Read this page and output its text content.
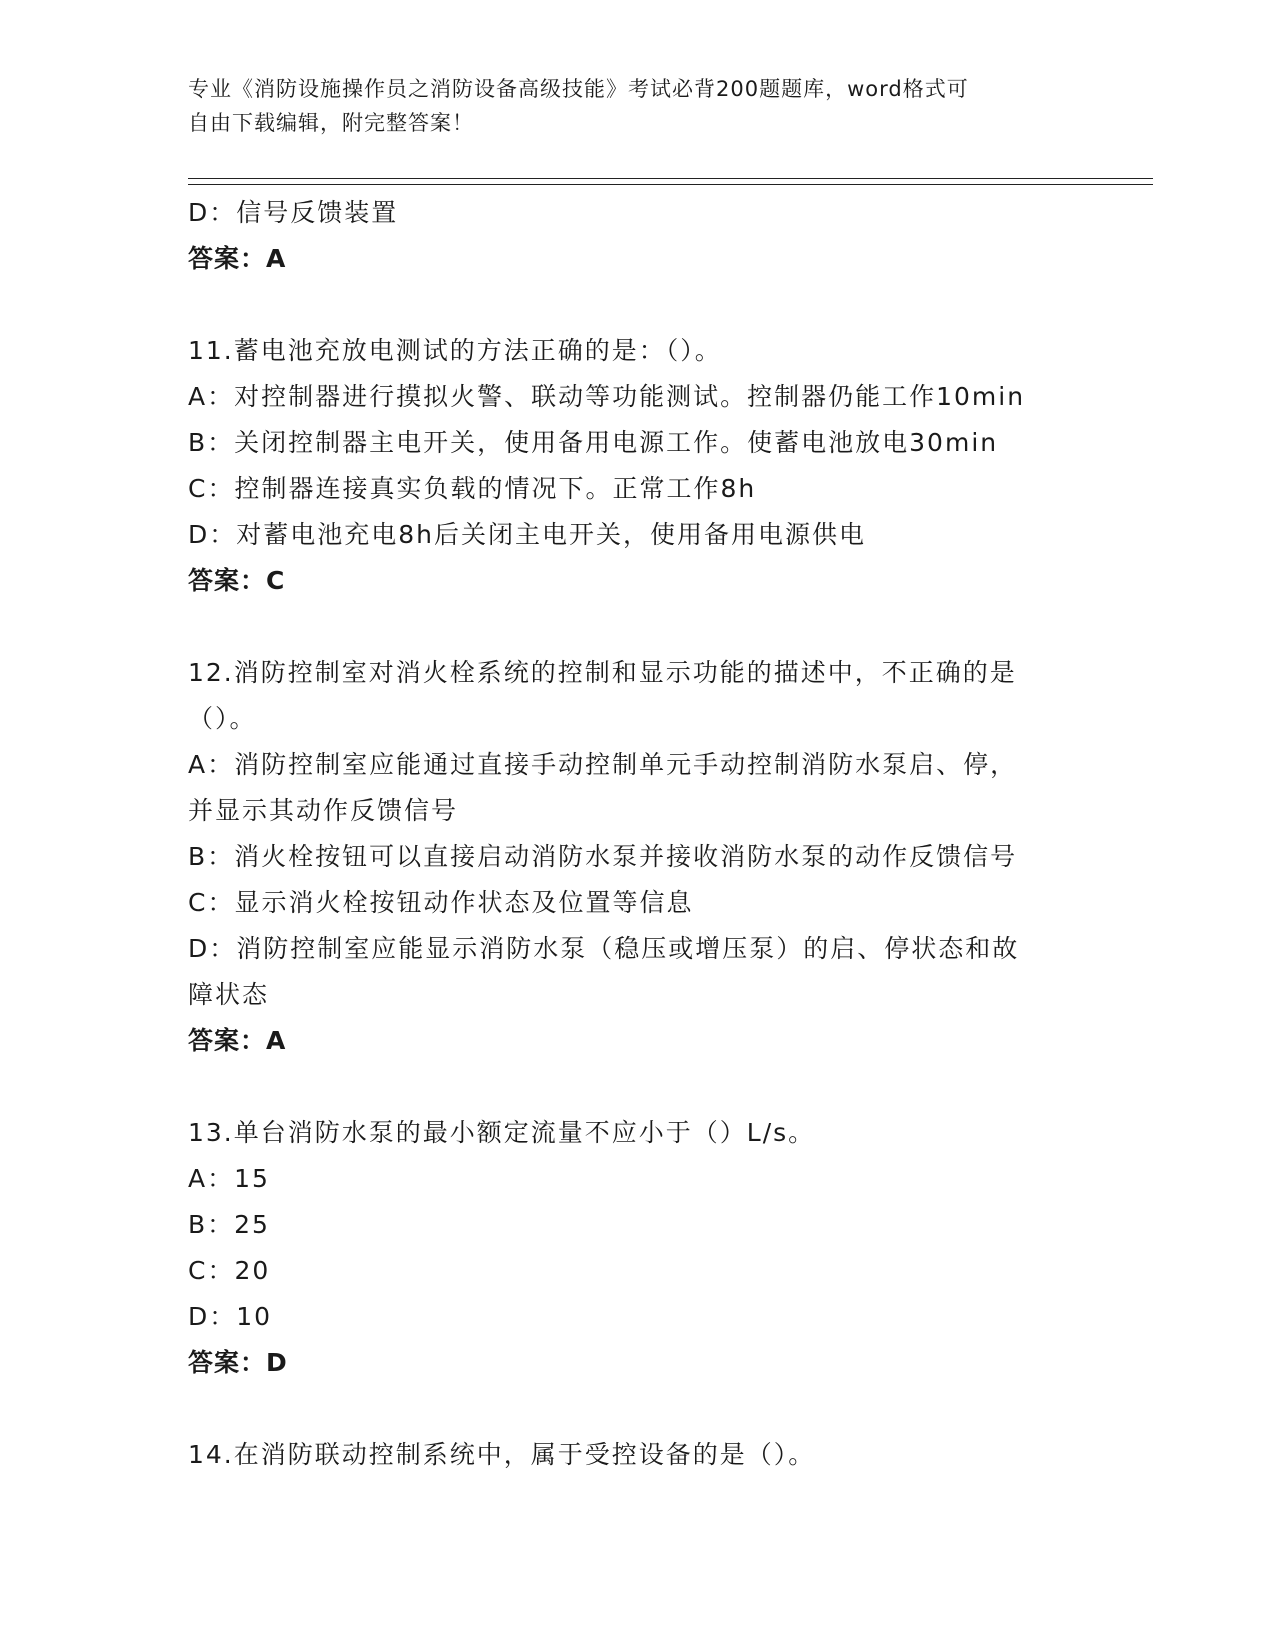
专业《消防设施操作员之消防设备高级技能》考试必背200题题库，word格式可
自由下载编辑，附完整答案！
D：信号反馈装置
答案：A
11.蓄电池充放电测试的方法正确的是：（）。
A：对控制器进行摸拟火警、联动等功能测试。控制器仍能工作10min
B：关闭控制器主电开关，使用备用电源工作。使蓄电池放电30min
C：控制器连接真实负载的情况下。正常工作8h
D：对蓄电池充电8h后关闭主电开关，使用备用电源供电
答案：C
12.消防控制室对消火栓系统的控制和显示功能的描述中，不正确的是
（）。
A：消防控制室应能通过直接手动控制单元手动控制消防水泵启、停，
并显示其动作反馈信号
B：消火栓按钮可以直接启动消防水泵并接收消防水泵的动作反馈信号
C：显示消火栓按钮动作状态及位置等信息
D：消防控制室应能显示消防水泵（稳压或增压泵）的启、停状态和故
障状态
答案：A
13.单台消防水泵的最小额定流量不应小于（）L/s。
A：15
B：25
C：20
D：10
答案：D
14.在消防联动控制系统中，属于受控设备的是（）。
